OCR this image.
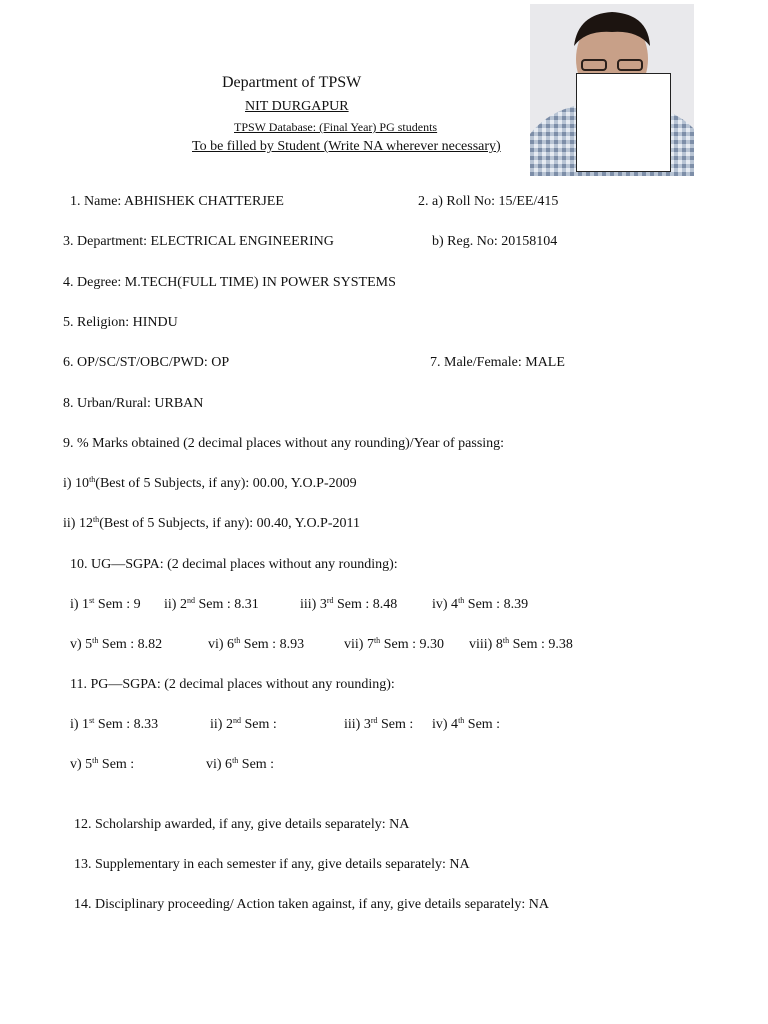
Department of TPSW
NIT DURGAPUR
TPSW Database: (Final Year) PG students
To be filled by Student (Write NA wherever necessary)
1. Name: ABHISHEK CHATTERJEE	2. a) Roll No: 15/EE/415
3. Department: ELECTRICAL ENGINEERING	b) Reg. No: 20158104
4. Degree: M.TECH(FULL TIME) IN POWER SYSTEMS
5. Religion: HINDU
6. OP/SC/ST/OBC/PWD: OP	7. Male/Female: MALE
8. Urban/Rural: URBAN
9. % Marks obtained (2 decimal places without any rounding)/Year of passing:
i) 10th(Best of 5 Subjects, if any): 00.00, Y.O.P-2009
ii) 12th(Best of 5 Subjects, if any): 00.40, Y.O.P-2011
10. UG—SGPA: (2 decimal places without any rounding):
i) 1st Sem : 9 ii) 2nd Sem : 8.31	iii) 3rd Sem : 8.48 iv) 4th Sem : 8.39
v) 5th Sem : 8.82	vi) 6th Sem : 8.93	vii) 7th Sem : 9.30 viii) 8th Sem : 9.38
11. PG—SGPA: (2 decimal places without any rounding):
i) 1st Sem : 8.33	ii) 2nd Sem :	iii) 3rd Sem : iv) 4th Sem :
v) 5th Sem :	vi) 6th Sem :
12. Scholarship awarded, if any, give details separately: NA
13. Supplementary in each semester if any, give details separately: NA
14. Disciplinary proceeding/ Action taken against, if any, give details separately: NA
